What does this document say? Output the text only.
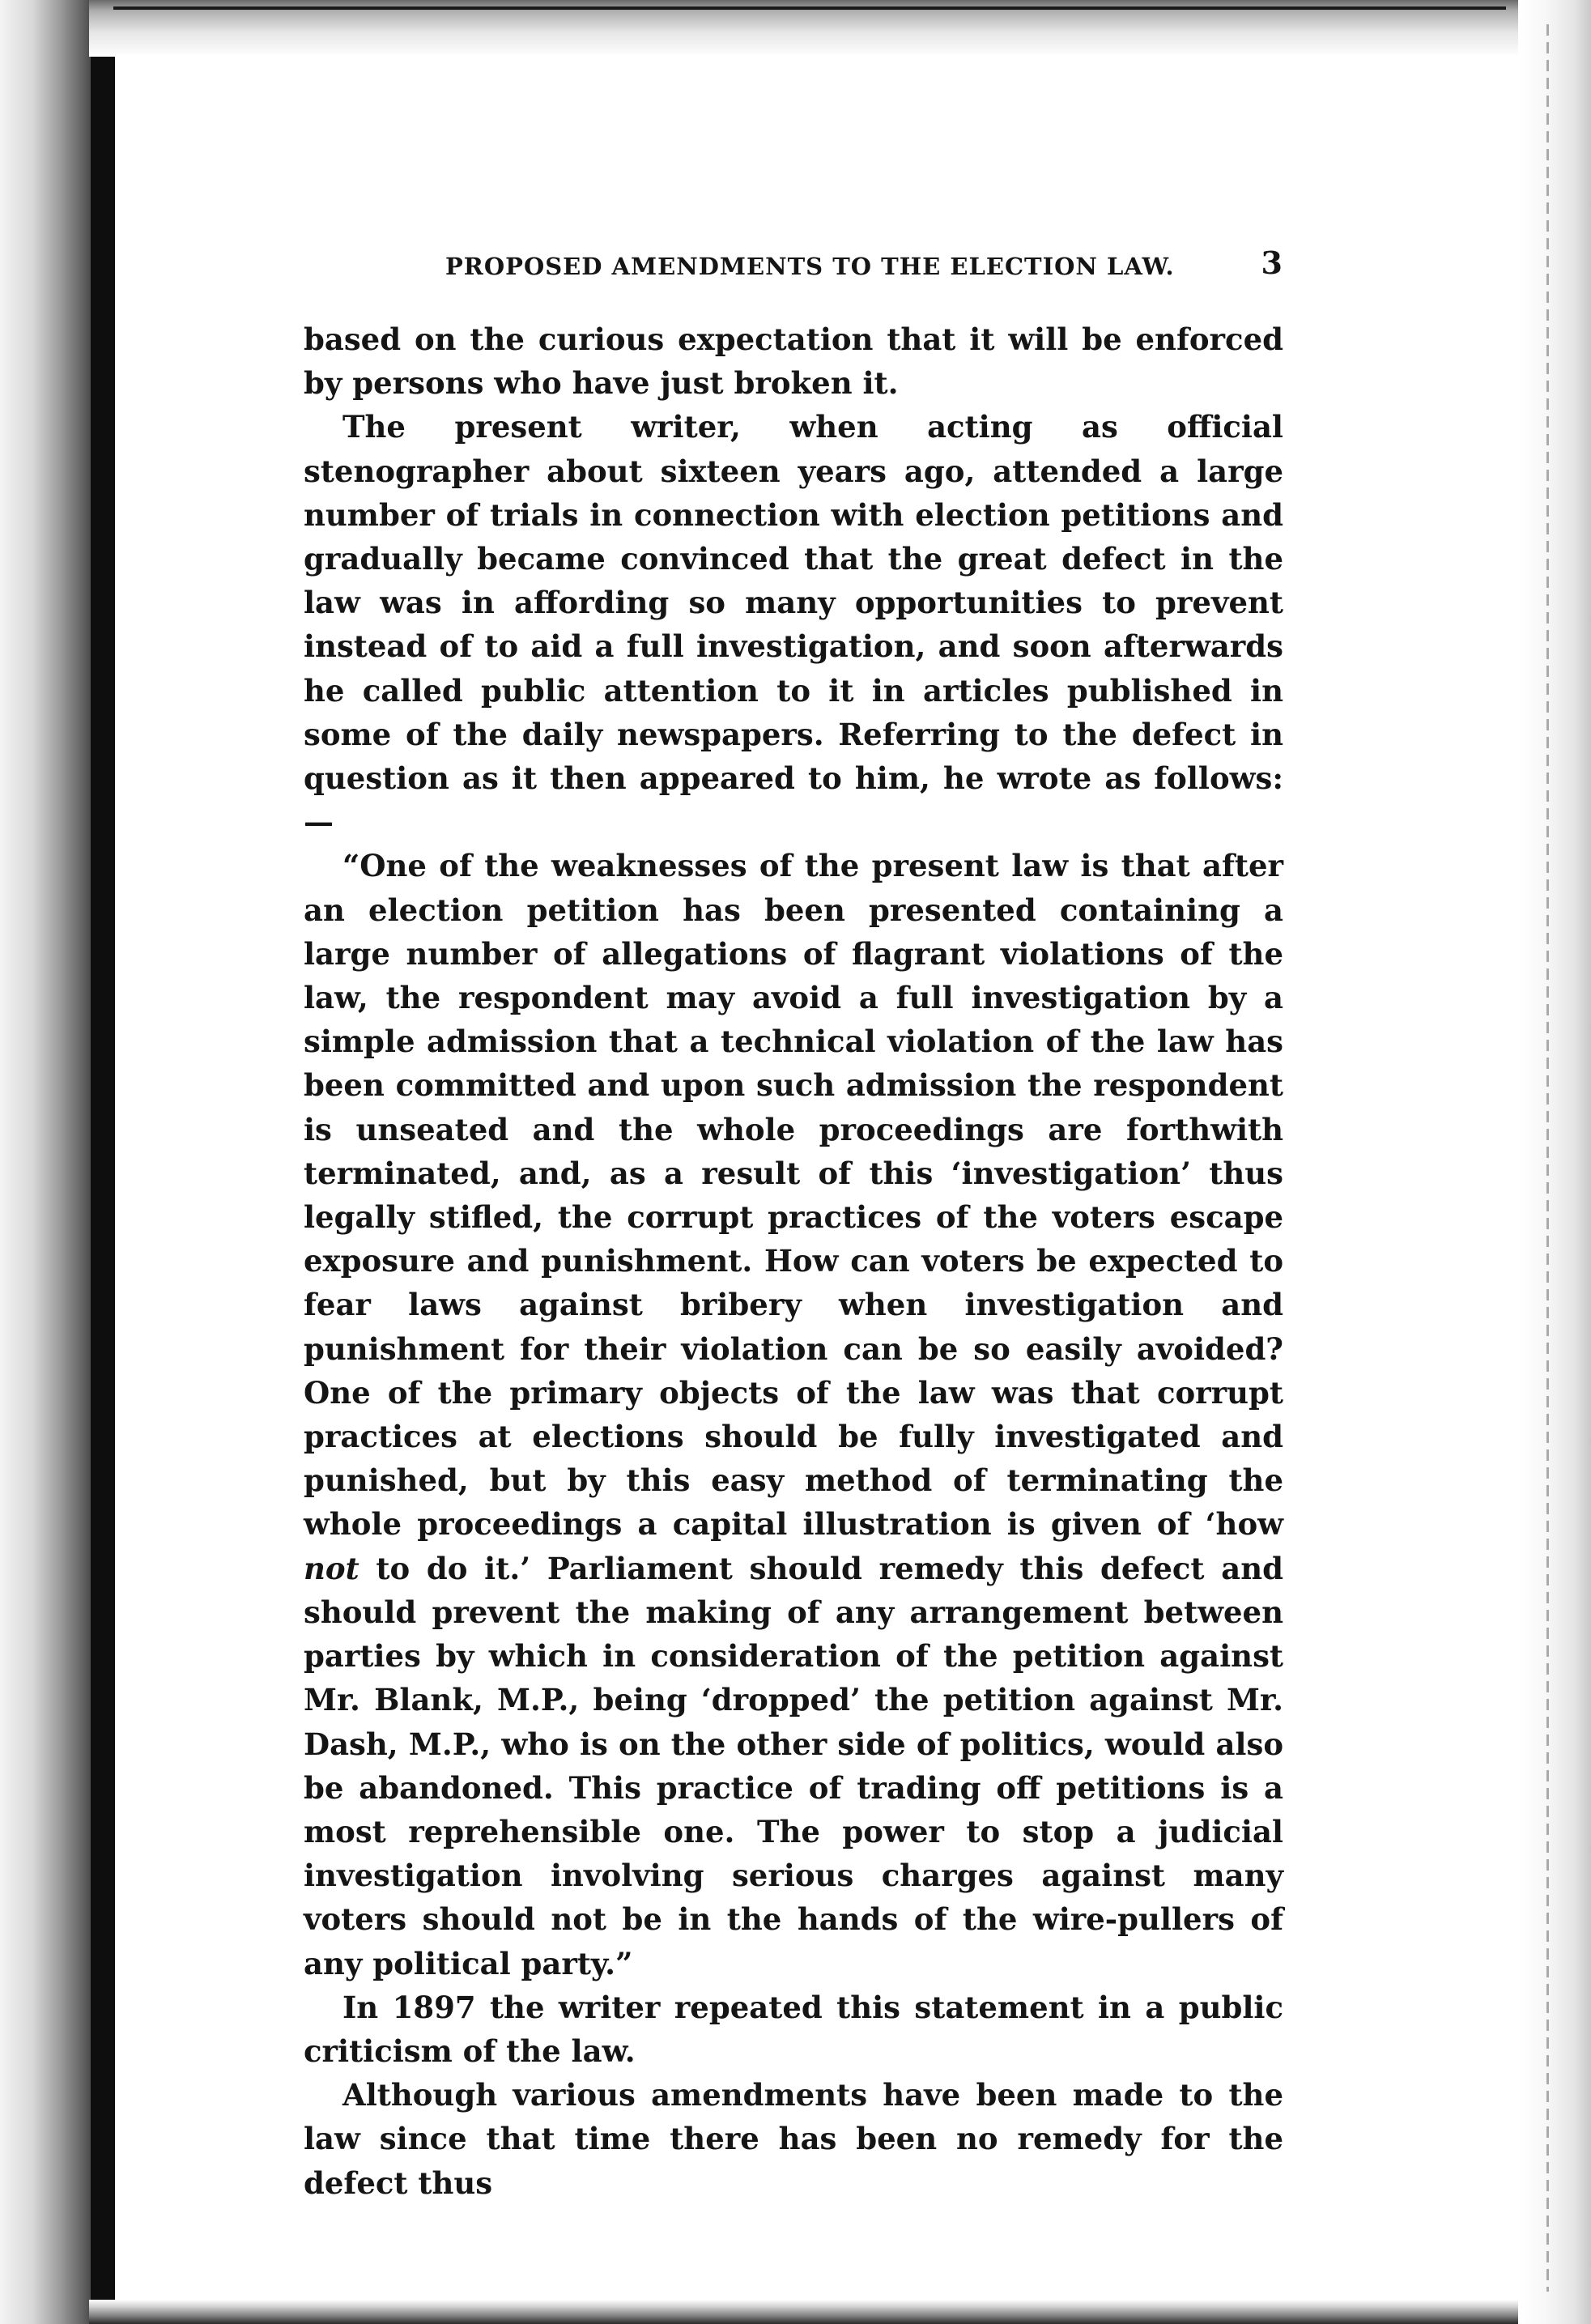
PROPOSED AMENDMENTS TO THE ELECTION LAW.	3

based on the curious expectation that it will be enforced by persons who have just broken it.

The present writer, when acting as official stenographer about sixteen years ago, attended a large number of trials in connection with election petitions and gradually became convinced that the great defect in the law was in affording so many opportunities to prevent instead of to aid a full investigation, and soon afterwards he called public attention to it in articles published in some of the daily newspapers. Referring to the defect in question as it then appeared to him, he wrote as follows:—

“One of the weaknesses of the present law is that after an election petition has been presented containing a large number of allegations of flagrant violations of the law, the respondent may avoid a full investigation by a simple admission that a technical violation of the law has been committed and upon such admission the respondent is unseated and the whole proceedings are forthwith terminated, and, as a result of this ‘investigation’ thus legally stifled, the corrupt practices of the voters escape exposure and punishment. How can voters be expected to fear laws against bribery when investigation and punishment for their violation can be so easily avoided? One of the primary objects of the law was that corrupt practices at elections should be fully investigated and punished, but by this easy method of terminating the whole proceedings a capital illustration is given of ‘how not to do it.’ Parliament should remedy this defect and should prevent the making of any arrangement between parties by which in consideration of the petition against Mr. Blank, M.P., being ‘dropped’ the petition against Mr. Dash, M.P., who is on the other side of politics, would also be abandoned. This practice of trading off petitions is a most reprehensible one. The power to stop a judicial investigation involving serious charges against many voters should not be in the hands of the wire-pullers of any political party.”

In 1897 the writer repeated this statement in a public criticism of the law.

Although various amendments have been made to the law since that time there has been no remedy for the defect thus
